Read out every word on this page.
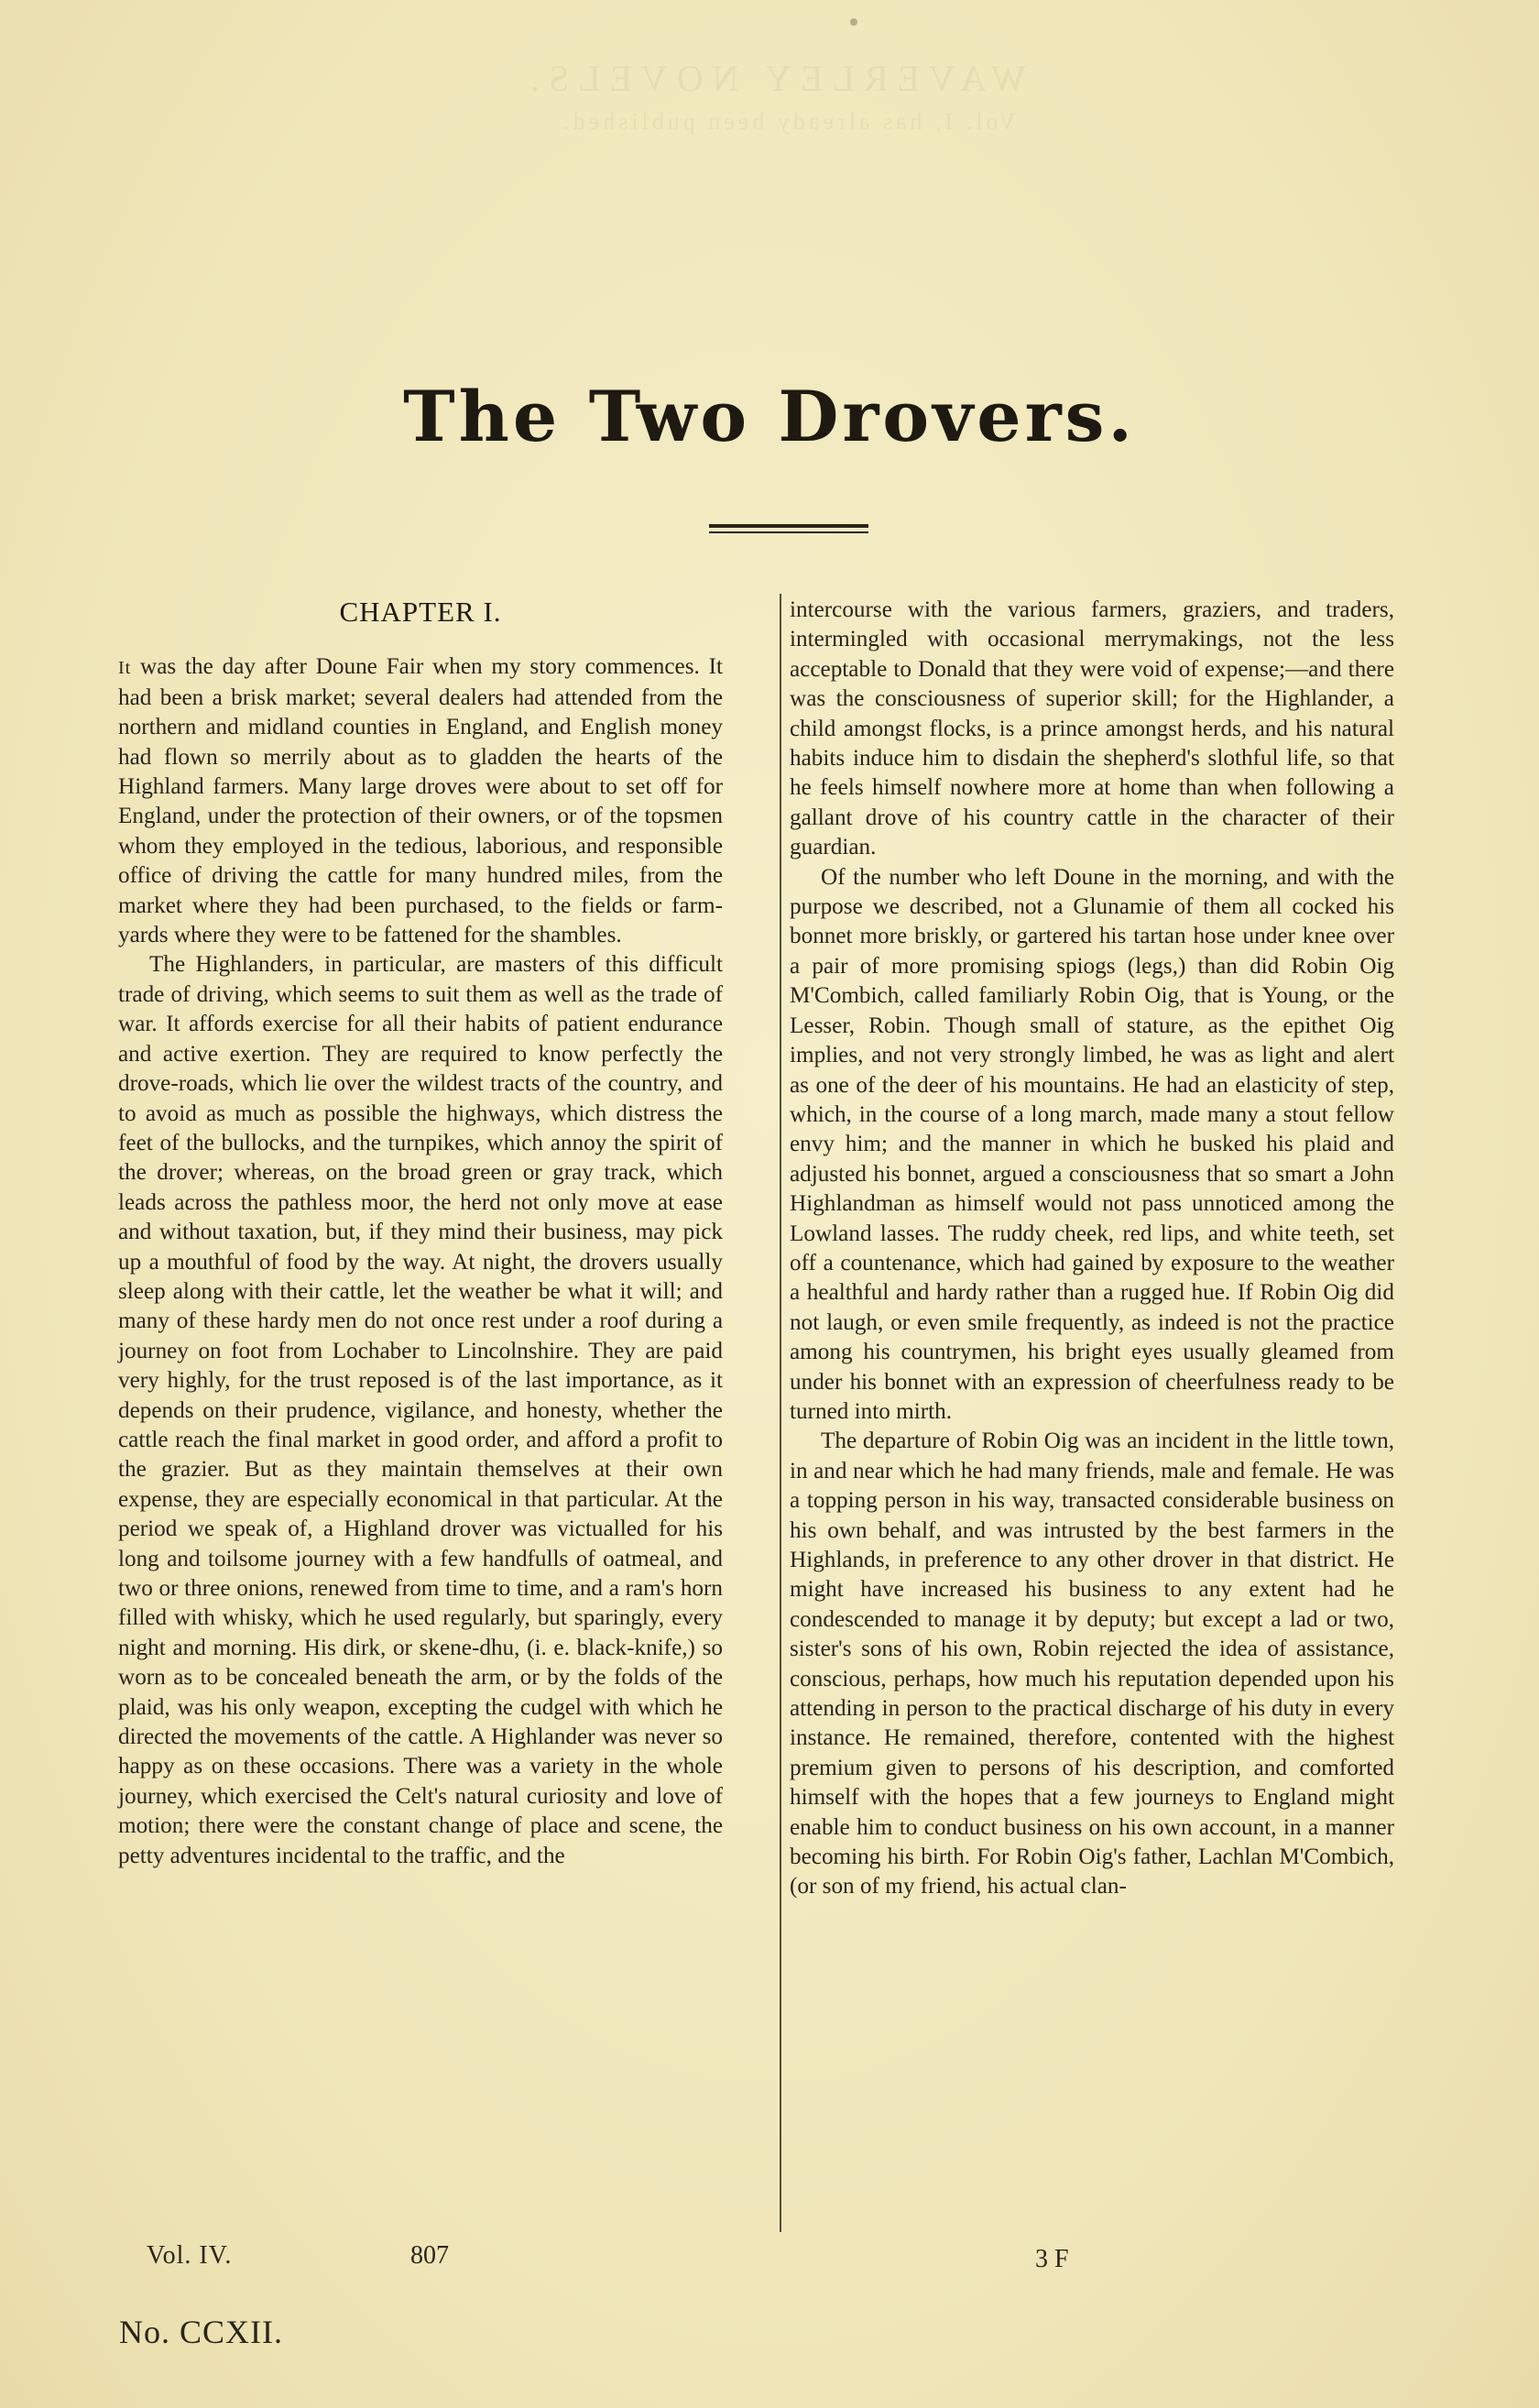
WAVERLEY NOVELS.
The Two Drovers.
CHAPTER I.

It was the day after Doune Fair when my story commences. It had been a brisk market; several dealers had attended from the northern and midland counties in England, and English money had flown so merrily about as to gladden the hearts of the Highland farmers. Many large droves were about to set off for England, under the protection of their owners, or of the topsmen whom they employed in the tedious, laborious, and responsible office of driving the cattle for many hundred miles, from the market where they had been purchased, to the fields or farm-yards where they were to be fattened for the shambles.

The Highlanders, in particular, are masters of this difficult trade of driving, which seems to suit them as well as the trade of war. It affords exercise for all their habits of patient endurance and active exertion. They are required to know perfectly the drove-roads, which lie over the wildest tracts of the country, and to avoid as much as possible the highways, which distress the feet of the bullocks, and the turnpikes, which annoy the spirit of the drover; whereas, on the broad green or gray track, which leads across the pathless moor, the herd not only move at ease and without taxation, but, if they mind their business, may pick up a mouthful of food by the way. At night, the drovers usually sleep along with their cattle, let the weather be what it will; and many of these hardy men do not once rest under a roof during a journey on foot from Lochaber to Lincolnshire. They are paid very highly, for the trust reposed is of the last importance, as it depends on their prudence, vigilance, and honesty, whether the cattle reach the final market in good order, and afford a profit to the grazier. But as they maintain themselves at their own expense, they are especially economical in that particular. At the period we speak of, a Highland drover was victualled for his long and toilsome journey with a few handfulls of oatmeal, and two or three onions, renewed from time to time, and a ram's horn filled with whisky, which he used regularly, but sparingly, every night and morning. His dirk, or skene-dhu, (i. e. black-knife,) so worn as to be concealed beneath the arm, or by the folds of the plaid, was his only weapon, excepting the cudgel with which he directed the movements of the cattle. A Highlander was never so happy as on these occasions. There was a variety in the whole journey, which exercised the Celt's natural curiosity and love of motion; there were the constant change of place and scene, the petty adventures incidental to the traffic, and the

intercourse with the various farmers, graziers, and traders, intermingled with occasional merrymakings, not the less acceptable to Donald that they were void of expense;—and there was the consciousness of superior skill; for the Highlander, a child amongst flocks, is a prince amongst herds, and his natural habits induce him to disdain the shepherd's slothful life, so that he feels himself nowhere more at home than when following a gallant drove of his country cattle in the character of their guardian.

Of the number who left Doune in the morning, and with the purpose we described, not a Glunamie of them all cocked his bonnet more briskly, or gartered his tartan hose under knee over a pair of more promising spiogs (legs,) than did Robin Oig M'Combich, called familiarly Robin Oig, that is Young, or the Lesser, Robin. Though small of stature, as the epithet Oig implies, and not very strongly limbed, he was as light and alert as one of the deer of his mountains. He had an elasticity of step, which, in the course of a long march, made many a stout fellow envy him; and the manner in which he busked his plaid and adjusted his bonnet, argued a consciousness that so smart a John Highlandman as himself would not pass unnoticed among the Lowland lasses. The ruddy cheek, red lips, and white teeth, set off a countenance, which had gained by exposure to the weather a healthful and hardy rather than a rugged hue. If Robin Oig did not laugh, or even smile frequently, as indeed is not the practice among his countrymen, his bright eyes usually gleamed from under his bonnet with an expression of cheerfulness ready to be turned into mirth.

The departure of Robin Oig was an incident in the little town, in and near which he had many friends, male and female. He was a topping person in his way, transacted considerable business on his own behalf, and was intrusted by the best farmers in the Highlands, in preference to any other drover in that district. He might have increased his business to any extent had he condescended to manage it by deputy; but except a lad or two, sister's sons of his own, Robin rejected the idea of assistance, conscious, perhaps, how much his reputation depended upon his attending in person to the practical discharge of his duty in every instance. He remained, therefore, contented with the highest premium given to persons of his description, and comforted himself with the hopes that a few journeys to England might enable him to conduct business on his own account, in a manner becoming his birth. For Robin Oig's father, Lachlan M'Combich, (or son of my friend, his actual clan-

Vol. IV.	807	3 F
No. CCXII.
